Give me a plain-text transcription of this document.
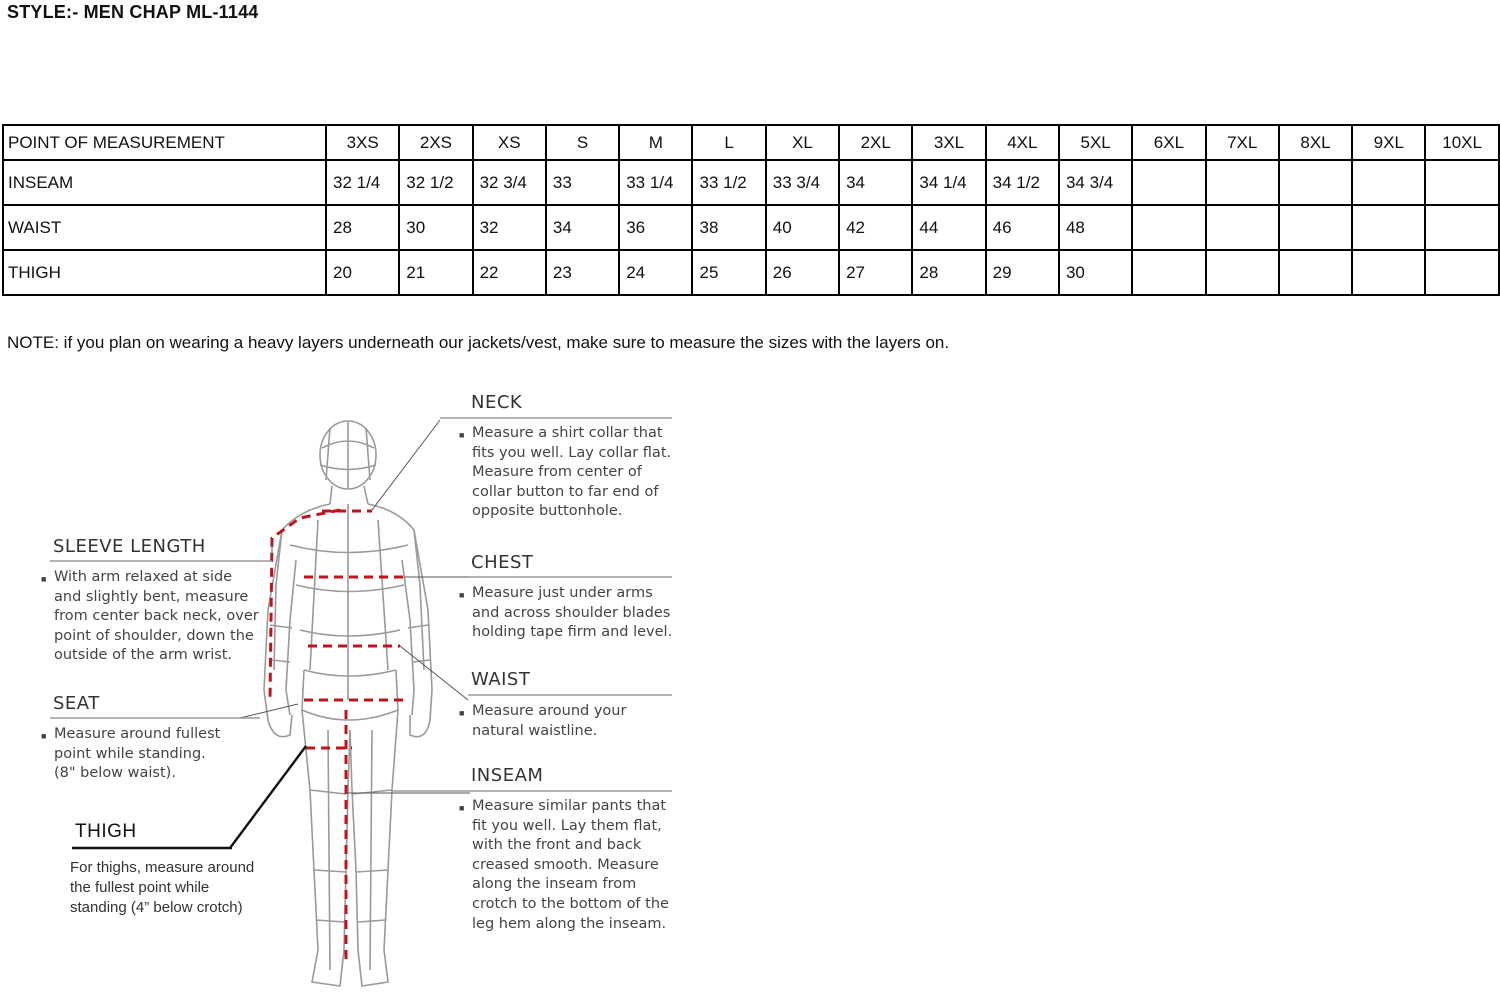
STYLE:- MEN CHAP ML-1144
POINT OF MEASUREMENT	3XS	2XS	XS	S	M	L	XL	2XL	3XL	4XL	5XL	6XL	7XL	8XL	9XL	10XL
INSEAM	32 1/4	32 1/2	32 3/4	33	33 1/4	33 1/2	33 3/4	34	34 1/4	34 1/2	34 3/4					
WAIST	28	30	32	34	36	38	40	42	44	46	48					
THIGH	20	21	22	23	24	25	26	27	28	29	30					
NOTE: if you plan on wearing a heavy layers underneath our jackets/vest, make sure to measure the sizes with the layers on.
NECK
■ Measure a shirt collar that
fits you well. Lay collar flat.
Measure from center of
collar button to far end of
opposite buttonhole.
CHEST
■ Measure just under arms
and across shoulder blades
holding tape firm and level.
WAIST
■ Measure around your
natural waistline.
INSEAM
■ Measure similar pants that
fit you well. Lay them flat,
with the front and back
creased smooth. Measure
along the inseam from
crotch to the bottom of the
leg hem along the inseam.
SLEEVE LENGTH
■ With arm relaxed at side
and slightly bent, measure
from center back neck, over
point of shoulder, down the
outside of the arm wrist.
SEAT
■ Measure around fullest
point while standing.
(8" below waist).
THIGH
For thighs, measure around
the fullest point while
standing (4” below crotch)
